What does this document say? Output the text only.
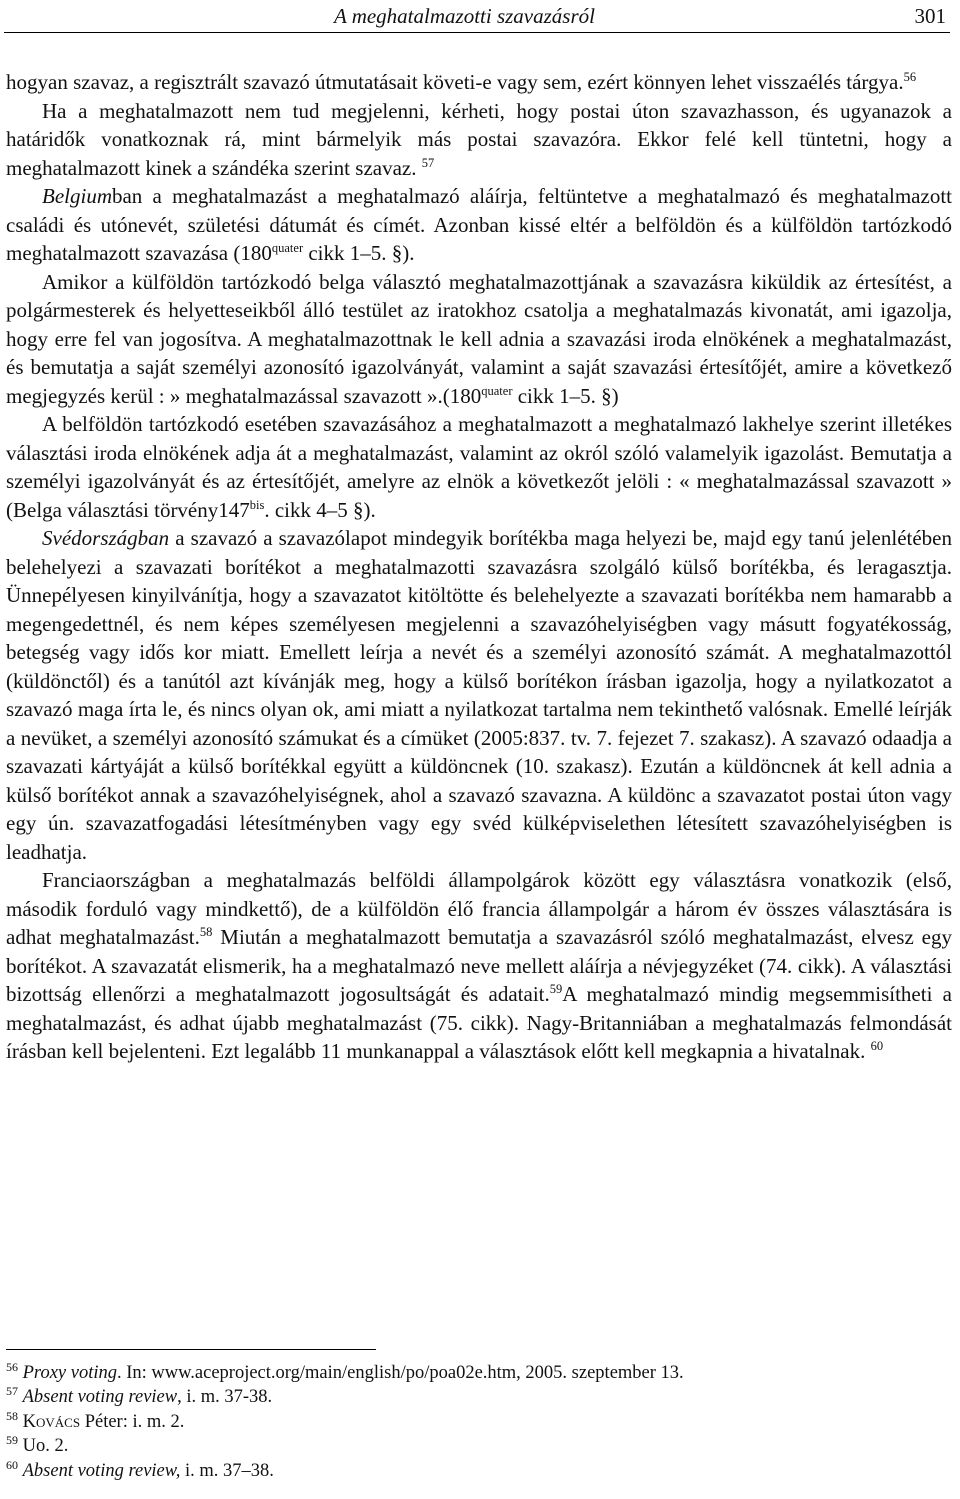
A meghatalmazotti szavazásról	301

hogyan szavaz, a regisztrált szavazó útmutatásait követi-e vagy sem, ezért könnyen lehet visszaélés tárgya.$^{56}$

Ha a meghatalmazott nem tud megjelenni, kérheti, hogy postai úton szavazhasson, és ugyanazok a határidők vonatkoznak rá, mint bármelyik más postai szavazóra. Ekkor felé kell tüntetni, hogy a meghatalmazott kinek a szándéka szerint szavaz. $^{57}$

Belgiumban a meghatalmazást a meghatalmazó aláírja, feltüntetve a meghatalmazó és meghatalmazott családi és utónevét, születési dátumát és címét. Azonban kissé eltér a belföldön és a külföldön tartózkodó meghatalmazott szavazása ($180^{quater}$ cikk 1–5. §).

Amikor a külföldön tartózkodó belga választó meghatalmazottjának a szavazásra kiküldik az értesítést, a polgármesterek és helyetteseikből álló testület az iratokhoz csatolja a meghatalmazás kivonatát, ami igazolja, hogy erre fel van jogosítva. A meghatalmazottnak le kell adnia a szavazási iroda elnökének a meghatalmazást, és bemutatja a saját személyi azonosító igazolványát, valamint a saját szavazási értesítőjét, amire a következő megjegyzés kerül : » meghatalmazással szavazott $».(180^{quater}$ cikk 1–5. §)

A belföldön tartózkodó esetében szavazásához a meghatalmazott a meghatalmazó lakhelye szerint illetékes választási iroda elnökének adja át a meghatalmazást, valamint az okról szóló valamelyik igazolást. Bemutatja a személyi igazolványát és az értesítőjét, amelyre az elnök a következőt jelöli : « meghatalmazással szavazott » (Belga választási $törvény147^{bis}$. cikk 4–5 §).

Svédországban a szavazó a szavazólapot mindegyik borítékba maga helyezi be, majd egy tanú jelenlétében belehelyezi a szavazati borítékot a meghatalmazotti szavazásra szolgáló külső borítékba, és leragasztja. Ünnepélyesen kinyilvánítja, hogy a szavazatot kitöltötte és belehelyezte a szavazati borítékba nem hamarabb a megengedettnél, és nem képes személyesen megjelenni a szavazóhelyiségben vagy másutt fogyatékosság, betegség vagy idős kor miatt. Emellett leírja a nevét és a személyi azonosító számát. A meghatalmazottól (küldönctől) és a tanútól azt kívánják meg, hogy a külső borítékon írásban igazolja, hogy a nyilatkozatot a szavazó maga írta le, és nincs olyan ok, ami miatt a nyilatkozat tartalma nem tekinthető valósnak. Emellé leírják a nevüket, a személyi azonosító számukat és a címüket (2005:837. tv. 7. fejezet 7. szakasz). A szavazó odaadja a szavazati kártyáját a külső borítékkal együtt a küldöncnek (10. szakasz). Ezután a küldöncnek át kell adnia a külső borítékot annak a szavazóhelyiségnek, ahol a szavazó szavazna. A küldönc a szavazatot postai úton vagy egy ún. szavazatfogadási létesítményben vagy egy svéd külképviselethen létesített szavazóhelyiségben is leadhatja.

Franciaországban a meghatalmazás belföldi állampolgárok között egy választásra vonatkozik (első, második forduló vagy mindkettő), de a külföldön élő francia állampolgár a három év összes választására is adhat meghatalmazást.$^{58}$ Miután a meghatalmazott bemutatja a szavazásról szóló meghatalmazást, elvesz egy borítékot. A szavazatát elismerik, ha a meghatalmazó neve mellett aláírja a névjegyzéket (74. cikk). A választási bizottság ellenőrzi a meghatalmazott jogosultságát és adatait.$^{59}$A meghatalmazó mindig megsemmisítheti a meghatalmazást, és adhat újabb meghatalmazást (75. cikk). Nagy-Britanniában a meghatalmazás felmondását írásban kell bejelenteni. Ezt legalább 11 munkanappal a választások előtt kell megkapnia a hivatalnak. $^{60}$

$^{56}$ Proxy voting. In: www.aceproject.org/main/english/po/poa02e.htm, 2005. szeptember 13.
$^{57}$ Absent voting review, i. m. 37-38.
$^{58}$ Kovács Péter: i. m. 2.
$^{59}$ Uo. 2.
$^{60}$ Absent voting review, i. m. 37–38.
